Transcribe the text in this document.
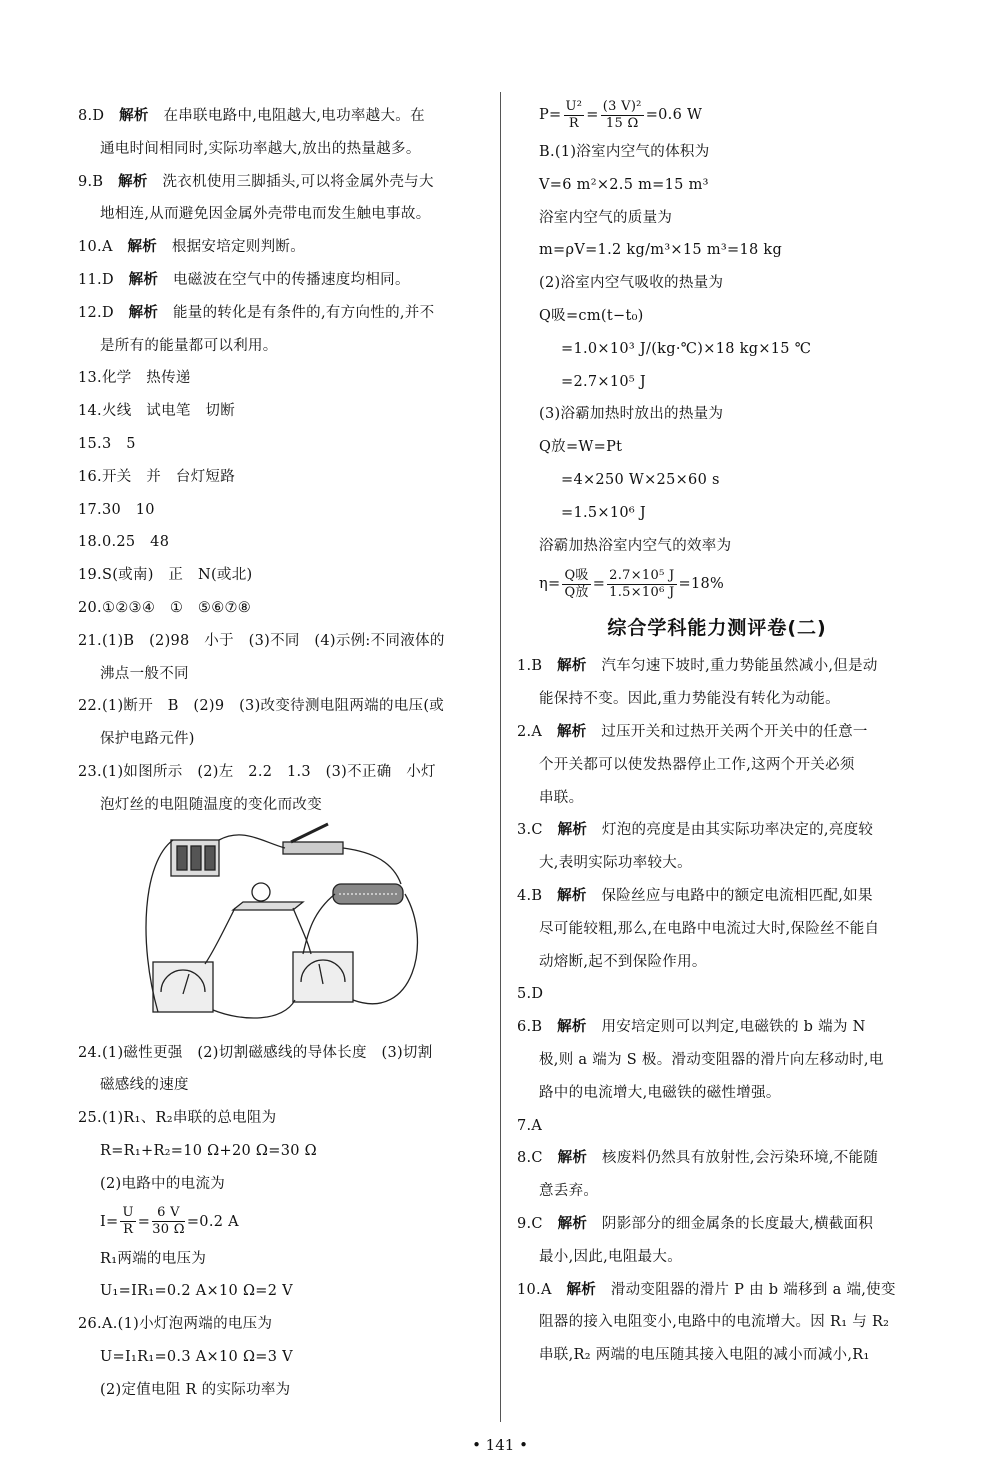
8.D 解析 在串联电路中,电阻越大,电功率越大。在
通电时间相同时,实际功率越大,放出的热量越多。
9.B 解析 洗衣机使用三脚插头,可以将金属外壳与大
地相连,从而避免因金属外壳带电而发生触电事故。
10.A 解析 根据安培定则判断。
11.D 解析 电磁波在空气中的传播速度均相同。
12.D 解析 能量的转化是有条件的,有方向性的,并不
是所有的能量都可以利用。
13.化学   热传递
14.火线   试电笔   切断
15.3   5
16.开关   并   台灯短路
17.30   10
18.0.25   48
19.S(或南)   正   N(或北)
20.①②③④   ①   ⑤⑥⑦⑧
21.(1)B   (2)98   小于   (3)不同   (4)示例:不同液体的
沸点一般不同
22.(1)断开   B   (2)9   (3)改变待测电阻两端的电压(或
保护电路元件)
23.(1)如图所示   (2)左   2.2   1.3   (3)不正确   小灯
泡灯丝的电阻随温度的变化而改变
24.(1)磁性更强   (2)切割磁感线的导体长度   (3)切割
磁感线的速度
25.(1)R₁、R₂串联的总电阻为
R=R₁+R₂=10 Ω+20 Ω=30 Ω
(2)电路中的电流为
$I= \frac{U}{R} = \frac{6 V}{30 \Omega} =0.2$ A
R₁两端的电压为
U₁=IR₁=0.2 A×10 Ω=2 V
26.A.(1)小灯泡两端的电压为
U=I₁R₁=0.3 A×10 Ω=3 V
(2)定值电阻 R 的实际功率为
$P= \frac{\text{U²}}{R} = \frac{\text{(3 V)²}}{15 \Omega} =0.6$ W
B.(1)浴室内空气的体积为
V=6 m²×2.5 m=15 m³
浴室内空气的质量为
m=ρV=1.2 kg/m³×15 m³=18 kg
(2)浴室内空气吸收的热量为
Q吸=cm(t−t₀)
=1.0×10³ J/(kg·℃)×18 kg×15 ℃
=2.7×10⁵ J
(3)浴霸加热时放出的热量为
Q放=W=Pt
=4×250 W×25×60 s
=1.5×10⁶ J
浴霸加热浴室内空气的效率为
$\eta= \frac{\text{Q吸}}{\text{Q放}} = \frac{\text{2.7×10⁵ J}}{\text{1.5×10⁶ J}} =18\%$
综合学科能力测评卷(二)
1.B 解析 汽车匀速下坡时,重力势能虽然减小,但是动
能保持不变。因此,重力势能没有转化为动能。
2.A 解析 过压开关和过热开关两个开关中的任意一
个开关都可以使发热器停止工作,这两个开关必须
串联。
3.C 解析 灯泡的亮度是由其实际功率决定的,亮度较
大,表明实际功率较大。
4.B 解析 保险丝应与电路中的额定电流相匹配,如果
尽可能较粗,那么,在电路中电流过大时,保险丝不能自
动熔断,起不到保险作用。
5.D
6.B 解析 用安培定则可以判定,电磁铁的 b 端为 N
极,则 a 端为 S 极。滑动变阻器的滑片向左移动时,电
路中的电流增大,电磁铁的磁性增强。
7.A
8.C 解析 核废料仍然具有放射性,会污染环境,不能随
意丢弃。
9.C 解析 阴影部分的细金属条的长度最大,横截面积
最小,因此,电阻最大。
10.A 解析 滑动变阻器的滑片 P 由 b 端移到 a 端,使变
阻器的接入电阻变小,电路中的电流增大。因 R₁ 与 R₂
串联,R₂ 两端的电压随其接入电阻的减小而减小,R₁
• 141 •
